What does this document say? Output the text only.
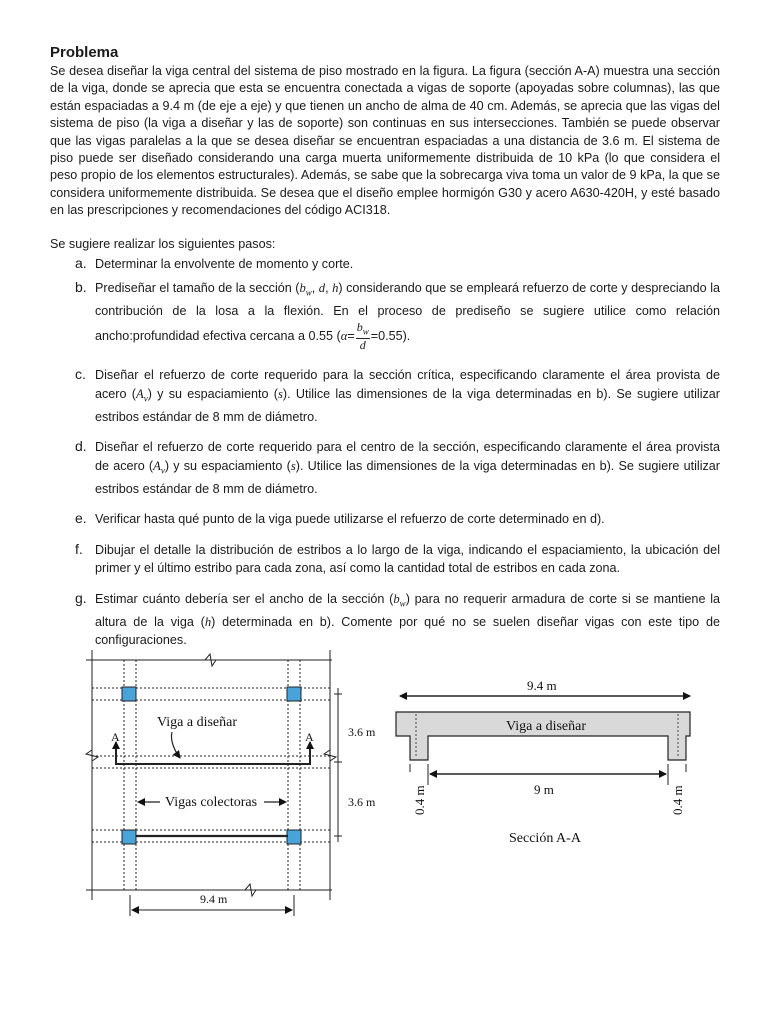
Problema

Se desea diseñar la viga central del sistema de piso mostrado en la figura. La figura (sección A-A) muestra una sección de la viga, donde se aprecia que esta se encuentra conectada a vigas de soporte (apoyadas sobre columnas), las que están espaciadas a 9.4 m (de eje a eje) y que tienen un ancho de alma de 40 cm. Además, se aprecia que las vigas del sistema de piso (la viga a diseñar y las de soporte) son continuas en sus intersecciones. También se puede observar que las vigas paralelas a la que se desea diseñar se encuentran espaciadas a una distancia de 3.6 m. El sistema de piso puede ser diseñado considerando una carga muerta uniformemente distribuida de 10 kPa (lo que considera el peso propio de los elementos estructurales). Además, se sabe que la sobrecarga viva toma un valor de 9 kPa, la que se considera uniformemente distribuida. Se desea que el diseño emplee hormigón G30 y acero A630-420H, y esté basado en las prescripciones y recomendaciones del código ACI318.

Se sugiere realizar los siguientes pasos:

a. Determinar la envolvente de momento y corte.
b. Prediseñar el tamaño de la sección ($b_w$, d, h) considerando que se empleará refuerzo de corte y despreciando la contribución de la losa a la flexión. En el proceso de prediseño se sugiere utilice como relación ancho:profundidad efectiva cercana a 0.55 $(\alpha= \frac{b_w}{d} =0.55)$.
c. Diseñar el refuerzo de corte requerido para la sección crítica, especificando claramente el área provista de acero $(A_v)$ y su espaciamiento (s). Utilice las dimensiones de la viga determinadas en b). Se sugiere utilizar estribos estándar de 8 mm de diámetro.
d. Diseñar el refuerzo de corte requerido para el centro de la sección, especificando claramente el área provista de acero $(A_v)$ y su espaciamiento (s). Utilice las dimensiones de la viga determinadas en b). Se sugiere utilizar estribos estándar de 8 mm de diámetro.
e. Verificar hasta qué punto de la viga puede utilizarse el refuerzo de corte determinado en d).
f. Dibujar el detalle la distribución de estribos a lo largo de la viga, indicando el espaciamiento, la ubicación del primer y el último estribo para cada zona, así como la cantidad total de estribos en cada zona.
g. Estimar cuánto debería ser el ancho de la sección $(b_w)$ para no requerir armadura de corte si se mantiene la altura de la viga (h) determinada en b). Comente por qué no se suelen diseñar vigas con este tipo de configuraciones.
Viga a diseñar
Vigas colectoras
A	A	3.6 m
3.6 m
9.4 m
9.4 m
Viga a diseñar
9 m
0.4 m	0.4 m
Sección A-A
